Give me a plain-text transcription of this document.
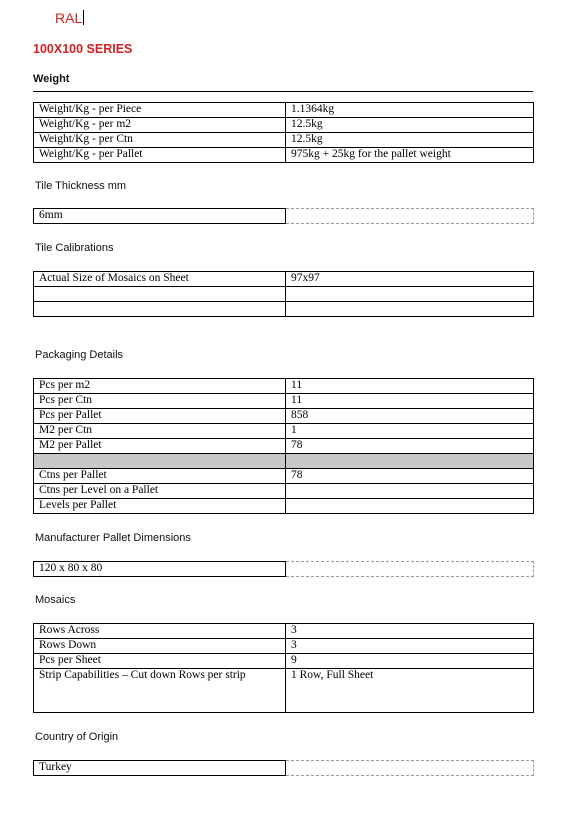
RAL
100X100 SERIES
Weight
Weight/Kg - per Piece	1.1364kg
Weight/Kg - per m2	12.5kg
Weight/Kg - per Ctn	12.5kg
Weight/Kg - per Pallet	975kg + 25kg for the pallet weight
Tile Thickness mm
6mm	
Tile Calibrations
Actual Size of Mosaics on Sheet	97x97

Packaging Details
Pcs per m2	11
Pcs per Ctn	11
Pcs per Pallet	858
M2 per Ctn	1
M2 per Pallet	78

Ctns per Pallet	78
Ctns per Level on a Pallet	
Levels per Pallet	
Manufacturer Pallet Dimensions
120 x 80 x 80	
Mosaics
Rows Across	3
Rows Down	3
Pcs per Sheet	9
Strip Capabilities – Cut down Rows per strip	1 Row, Full Sheet
Country of Origin
Turkey	
